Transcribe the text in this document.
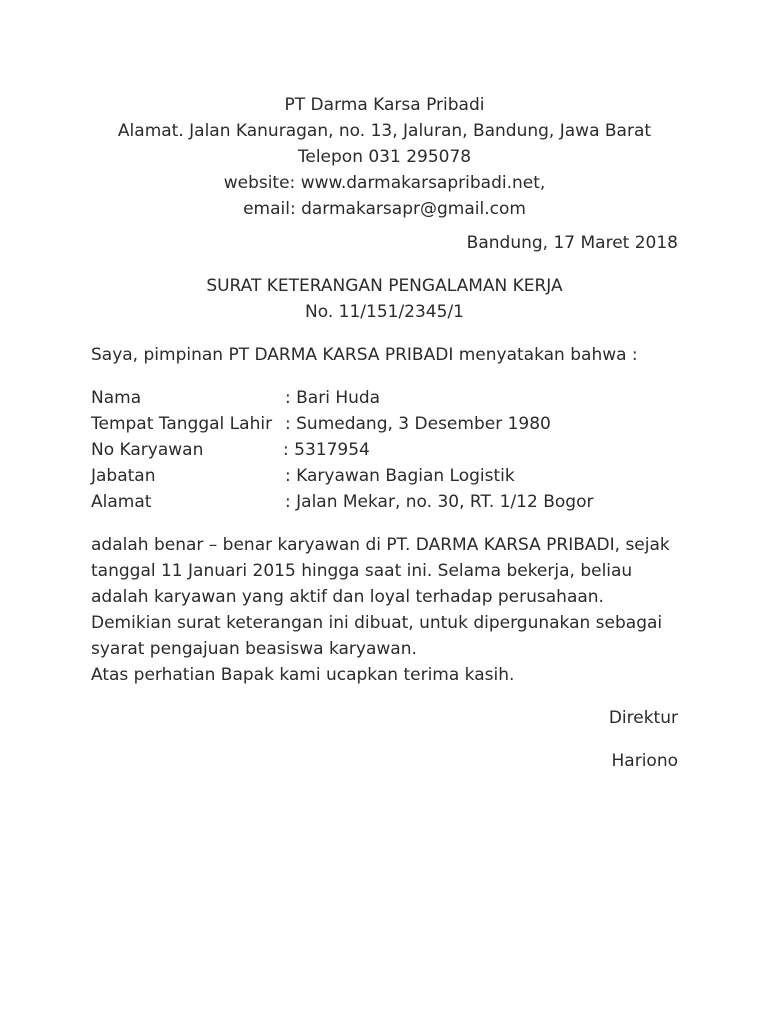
PT Darma Karsa Pribadi
Alamat. Jalan Kanuragan, no. 13, Jaluran, Bandung, Jawa Barat
Telepon 031 295078
website: www.darmakarsapribadi.net,
email: darmakarsapr@gmail.com
Bandung, 17 Maret 2018
SURAT KETERANGAN PENGALAMAN KERJA
No. 11/151/2345/1
Saya, pimpinan PT DARMA KARSA PRIBADI menyatakan bahwa :
Nama	: Bari Huda
Tempat Tanggal Lahir : Sumedang, 3 Desember 1980
No Karyawan	: 5317954
Jabatan	: Karyawan Bagian Logistik
Alamat	: Jalan Mekar, no. 30, RT. 1/12 Bogor
adalah benar – benar karyawan di PT. DARMA KARSA PRIBADI, sejak
tanggal 11 Januari 2015 hingga saat ini. Selama bekerja, beliau
adalah karyawan yang aktif dan loyal terhadap perusahaan.
Demikian surat keterangan ini dibuat, untuk dipergunakan sebagai
syarat pengajuan beasiswa karyawan.
Atas perhatian Bapak kami ucapkan terima kasih.
Direktur
Hariono
